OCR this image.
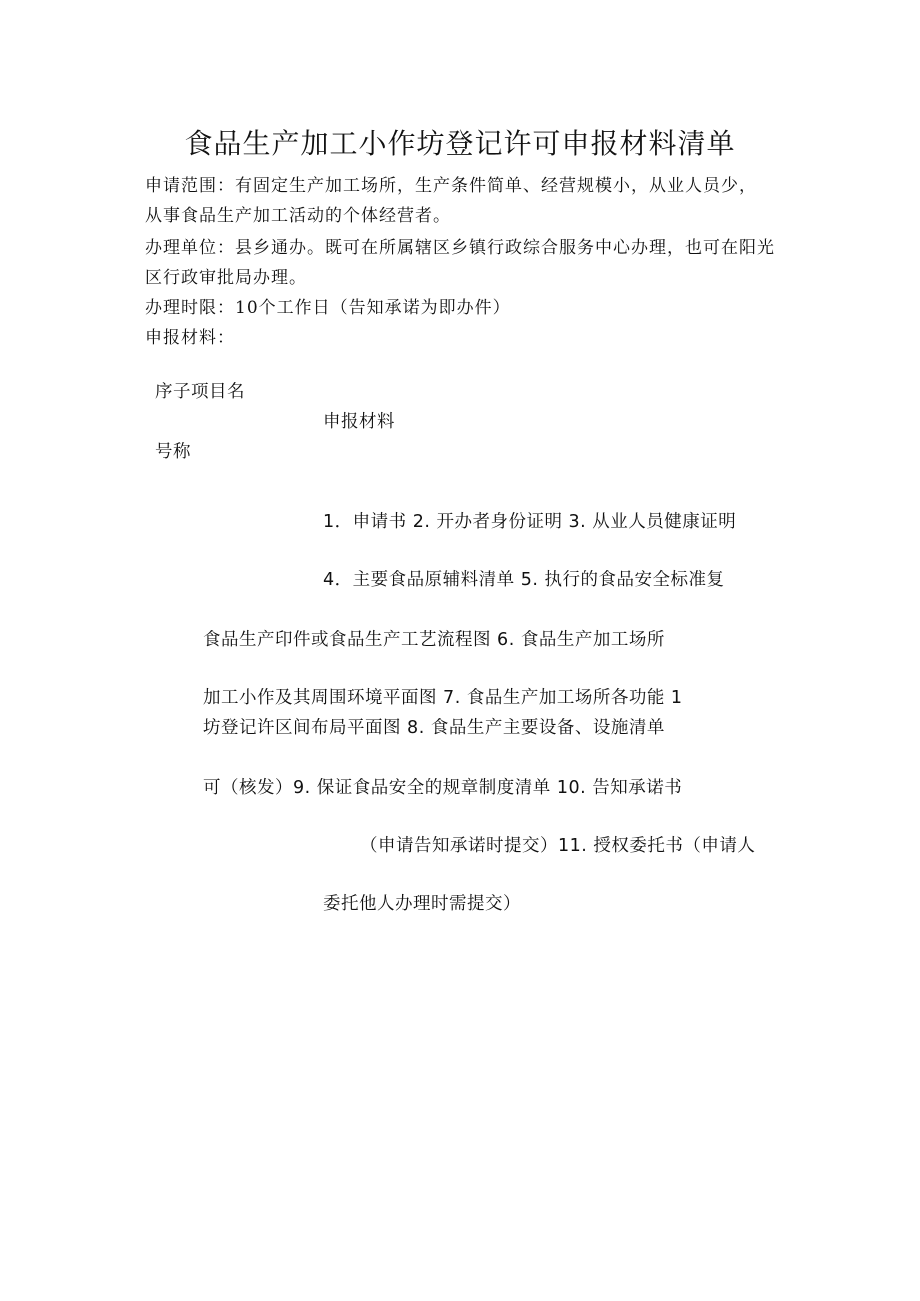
食品生产加工小作坊登记许可申报材料清单
申请范围：有固定生产加工场所，生产条件简单、经营规模小，从业人员少，
从事食品生产加工活动的个体经营者。
办理单位：县乡通办。既可在所属辖区乡镇行政综合服务中心办理，也可在阳光
区行政审批局办理。
办理时限：10个工作日（告知承诺为即办件）
申报材料：
序子项目名
申报材料
号称
1．申请书 2. 开办者身份证明 3. 从业人员健康证明
4．主要食品原辅料清单 5. 执行的食品安全标准复
食品生产印件或食品生产工艺流程图 6. 食品生产加工场所
加工小作及其周围环境平面图 7. 食品生产加工场所各功能 1
坊登记许区间布局平面图 8. 食品生产主要设备、设施清单
可（核发）9. 保证食品安全的规章制度清单 10. 告知承诺书
（申请告知承诺时提交）11. 授权委托书（申请人
委托他人办理时需提交）
